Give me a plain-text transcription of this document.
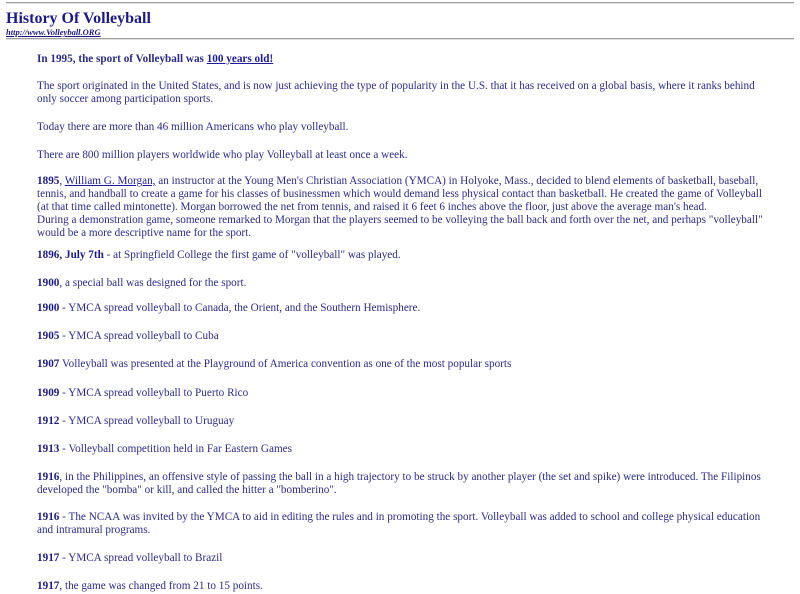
History Of Volleyball
http://www.Volleyball.ORG

In 1995, the sport of Volleyball was 100 years old!

The sport originated in the United States, and is now just achieving the type of popularity in the U.S. that it has received on a global basis, where it ranks behind only soccer among participation sports.

Today there are more than 46 million Americans who play volleyball.

There are 800 million players worldwide who play Volleyball at least once a week.

1895, William G. Morgan, an instructor at the Young Men's Christian Association (YMCA) in Holyoke, Mass., decided to blend elements of basketball, baseball, tennis, and handball to create a game for his classes of businessmen which would demand less physical contact than basketball. He created the game of Volleyball (at that time called mintonette). Morgan borrowed the net from tennis, and raised it 6 feet 6 inches above the floor, just above the average man's head.
During a demonstration game, someone remarked to Morgan that the players seemed to be volleying the ball back and forth over the net, and perhaps "volleyball" would be a more descriptive name for the sport.

1896, July 7th - at Springfield College the first game of "volleyball" was played.

1900, a special ball was designed for the sport.

1900 - YMCA spread volleyball to Canada, the Orient, and the Southern Hemisphere.

1905 - YMCA spread volleyball to Cuba

1907 Volleyball was presented at the Playground of America convention as one of the most popular sports

1909 - YMCA spread volleyball to Puerto Rico

1912 - YMCA spread volleyball to Uruguay

1913 - Volleyball competition held in Far Eastern Games

1916, in the Philippines, an offensive style of passing the ball in a high trajectory to be struck by another player (the set and spike) were introduced. The Filipinos developed the "bomba" or kill, and called the hitter a "bomberino".

1916 - The NCAA was invited by the YMCA to aid in editing the rules and in promoting the sport. Volleyball was added to school and college physical education and intramural programs.

1917 - YMCA spread volleyball to Brazil

1917, the game was changed from 21 to 15 points.
